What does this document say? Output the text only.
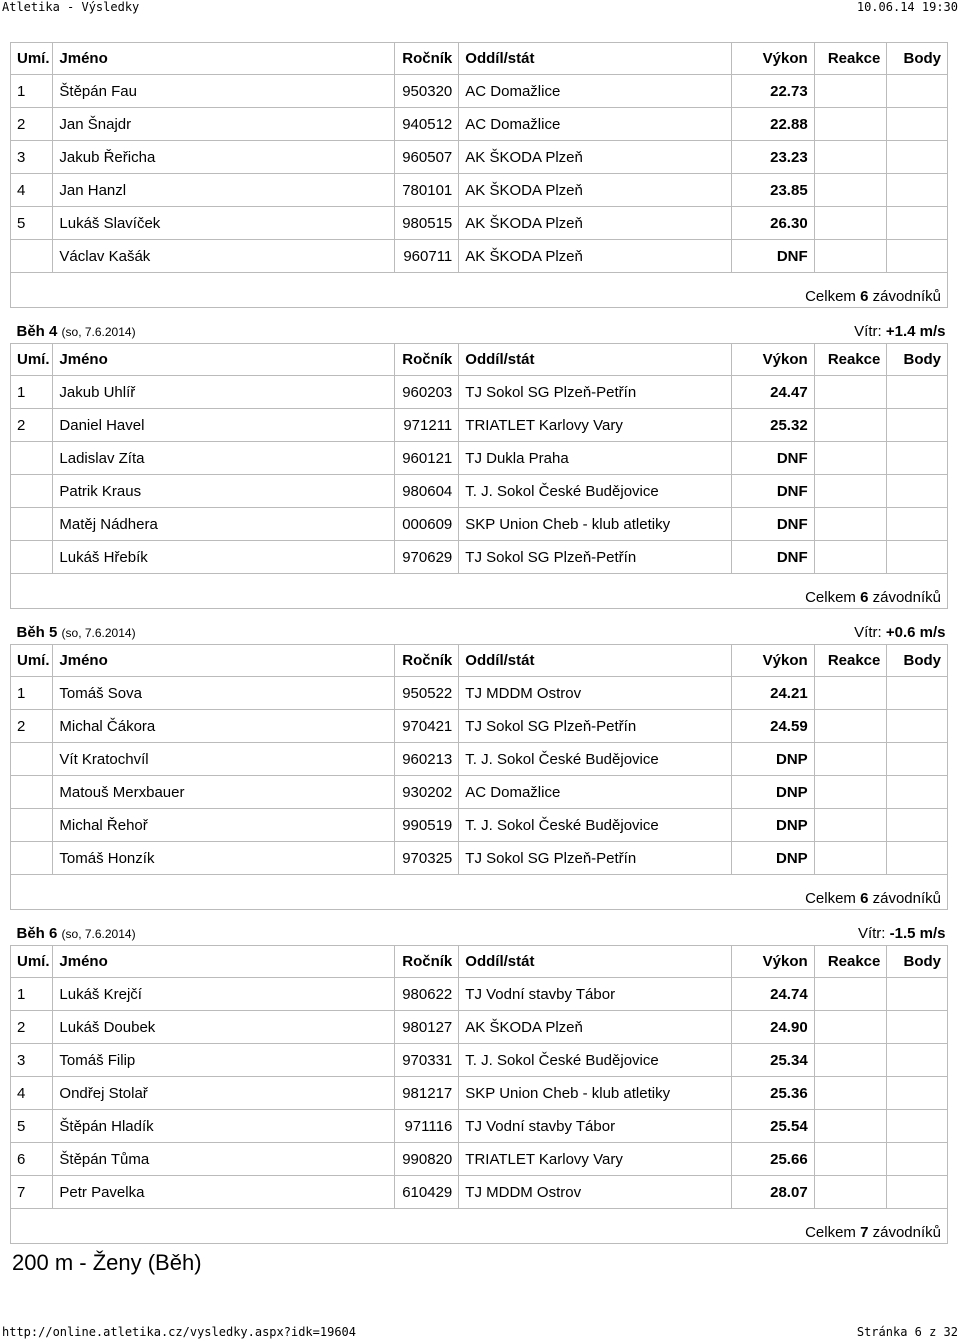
Atletika - Výsledky	10.06.14 19:30
Umí.	Jméno	Ročník	Oddíl/stát	Výkon	Reakce	Body
1	Štěpán Fau	950320	AC Domažlice	22.73		
2	Jan Šnajdr	940512	AC Domažlice	22.88		
3	Jakub Řeřicha	960507	AK ŠKODA Plzeň	23.23		
4	Jan Hanzl	780101	AK ŠKODA Plzeň	23.85		
5	Lukáš Slavíček	980515	AK ŠKODA Plzeň	26.30		
	Václav Kašák	960711	AK ŠKODA Plzeň	DNF		
Celkem 6 závodníků						

Vítr: +1.4 m/s
Běh 4 (so, 7.6.2014)						
Umí.	Jméno	Ročník	Oddíl/stát	Výkon	Reakce	Body
1	Jakub Uhlíř	960203	TJ Sokol SG Plzeň-Petřín	24.47		
2	Daniel Havel	971211	TRIATLET Karlovy Vary	25.32		
	Ladislav Zíta	960121	TJ Dukla Praha	DNF		
	Patrik Kraus	980604	T. J. Sokol České Budějovice	DNF		
	Matěj Nádhera	000609	SKP Union Cheb - klub atletiky	DNF		
	Lukáš Hřebík	970629	TJ Sokol SG Plzeň-Petřín	DNF		
Celkem 6 závodníků						

Vítr: +0.6 m/s
Běh 5 (so, 7.6.2014)						
Umí.	Jméno	Ročník	Oddíl/stát	Výkon	Reakce	Body
1	Tomáš Sova	950522	TJ MDDM Ostrov	24.21		
2	Michal Čákora	970421	TJ Sokol SG Plzeň-Petřín	24.59		
	Vít Kratochvíl	960213	T. J. Sokol České Budějovice	DNP		
	Matouš Merxbauer	930202	AC Domažlice	DNP		
	Michal Řehoř	990519	T. J. Sokol České Budějovice	DNP		
	Tomáš Honzík	970325	TJ Sokol SG Plzeň-Petřín	DNP		
Celkem 6 závodníků						

Vítr: -1.5 m/s
Běh 6 (so, 7.6.2014)						
Umí.	Jméno	Ročník	Oddíl/stát	Výkon	Reakce	Body
1	Lukáš Krejčí	980622	TJ Vodní stavby Tábor	24.74		
2	Lukáš Doubek	980127	AK ŠKODA Plzeň	24.90		
3	Tomáš Filip	970331	T. J. Sokol České Budějovice	25.34		
4	Ondřej Stolař	981217	SKP Union Cheb - klub atletiky	25.36		
5	Štěpán Hladík	971116	TJ Vodní stavby Tábor	25.54		
6	Štěpán Tůma	990820	TRIATLET Karlovy Vary	25.66		
7	Petr Pavelka	610429	TJ MDDM Ostrov	28.07		
Celkem 7 závodníků						
200 m - Ženy (Běh)
http://online.atletika.cz/vysledky.aspx?idk=19604	Stránka 6 z 32
